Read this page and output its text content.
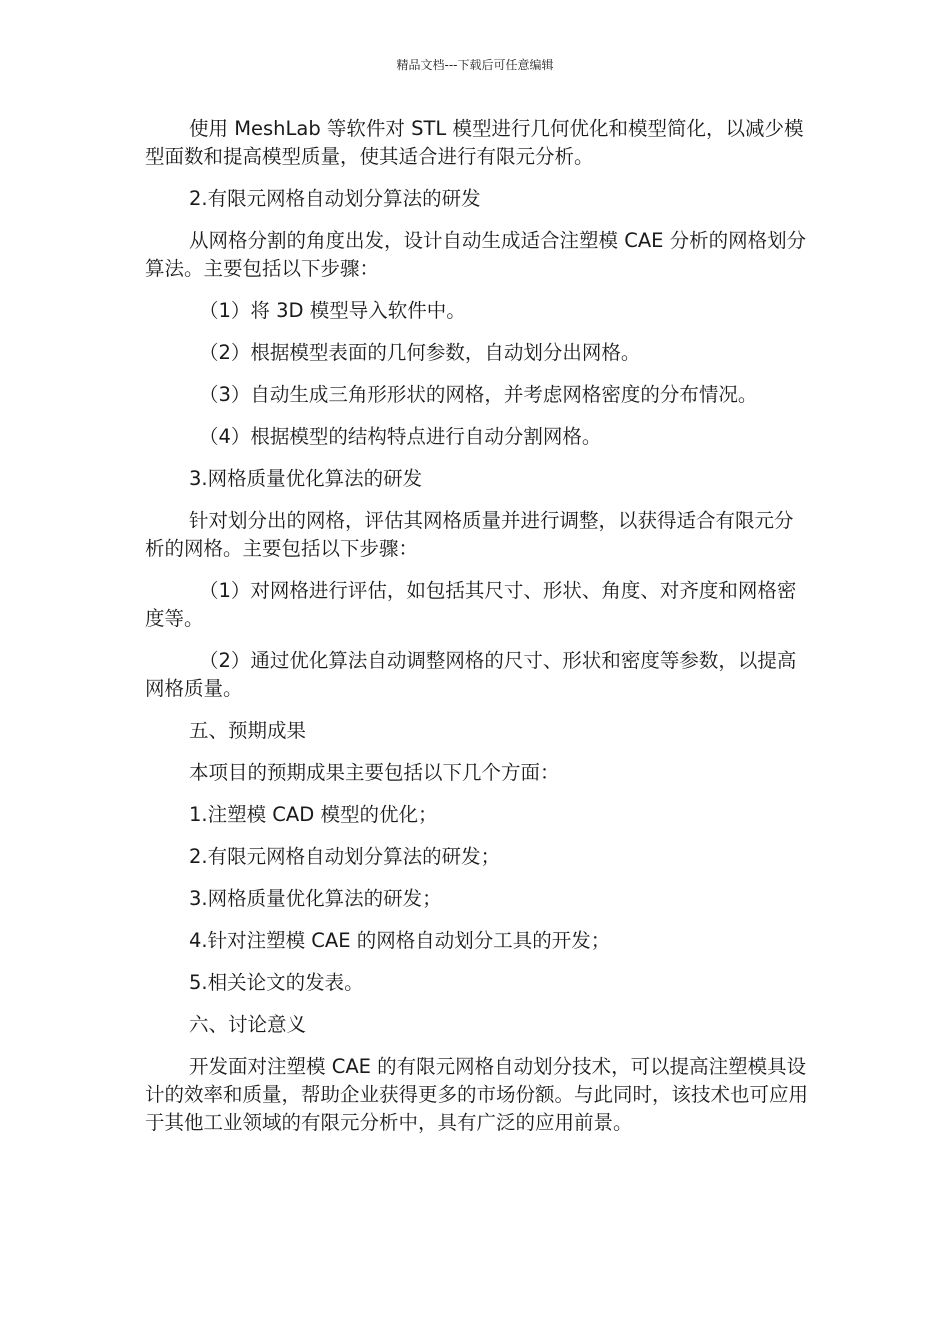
精品文档---下载后可任意编辑

使用 MeshLab 等软件对 STL 模型进行几何优化和模型简化，以减少模型面数和提高模型质量，使其适合进行有限元分析。

2.有限元网格自动划分算法的研发

从网格分割的角度出发，设计自动生成适合注塑模 CAE 分析的网格划分算法。主要包括以下步骤：

（1）将 3D 模型导入软件中。

（2）根据模型表面的几何参数，自动划分出网格。

（3）自动生成三角形形状的网格，并考虑网格密度的分布情况。

（4）根据模型的结构特点进行自动分割网格。

3.网格质量优化算法的研发

针对划分出的网格，评估其网格质量并进行调整，以获得适合有限元分析的网格。主要包括以下步骤：

（1）对网格进行评估，如包括其尺寸、形状、角度、对齐度和网格密度等。

（2）通过优化算法自动调整网格的尺寸、形状和密度等参数，以提高网格质量。

五、预期成果

本项目的预期成果主要包括以下几个方面：

1.注塑模 CAD 模型的优化；

2.有限元网格自动划分算法的研发；

3.网格质量优化算法的研发；

4.针对注塑模 CAE 的网格自动划分工具的开发；

5.相关论文的发表。

六、讨论意义

开发面对注塑模 CAE 的有限元网格自动划分技术，可以提高注塑模具设计的效率和质量，帮助企业获得更多的市场份额。与此同时，该技术也可应用于其他工业领域的有限元分析中，具有广泛的应用前景。
